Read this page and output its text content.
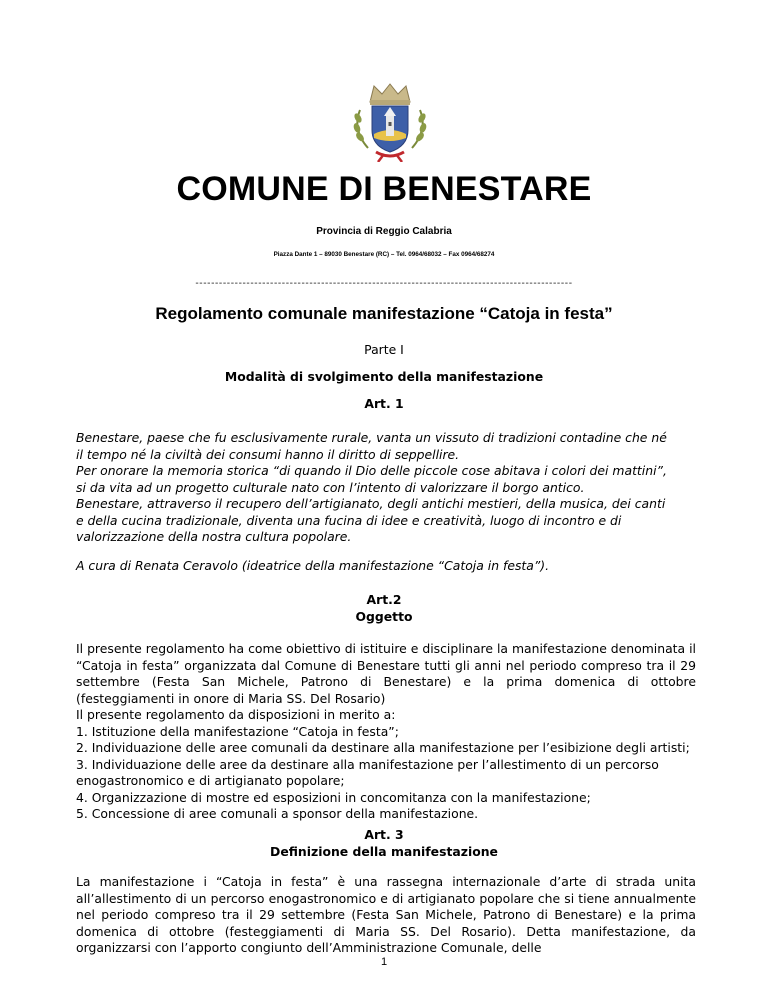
COMUNE DI BENESTARE
Provincia di Reggio Calabria
Piazza Dante 1 – 89030 Benestare (RC) – Tel. 0964/68032 – Fax 0964/68274
------------------------------------------------------------------------------------------------
Regolamento comunale manifestazione “Catoja in festa”
Parte I
Modalità di svolgimento della manifestazione
Art. 1

Benestare, paese che fu esclusivamente rurale, vanta un vissuto di tradizioni contadine che né

il tempo né la civiltà dei consumi hanno il diritto di seppellire.

Per onorare la memoria storica “di quando il Dio delle piccole cose abitava i colori dei mattini”,

si da vita ad un progetto culturale nato con l’intento di valorizzare il borgo antico.

Benestare, attraverso il recupero dell’artigianato, degli antichi mestieri, della musica, dei canti

e della cucina tradizionale, diventa una fucina di idee e creatività, luogo di incontro e di

valorizzazione della nostra cultura popolare.

A cura di Renata Ceravolo (ideatrice della manifestazione “Catoja in festa”).
Art.2
Oggetto

Il presente regolamento ha come obiettivo di istituire e disciplinare la manifestazione denominata il “Catoja in festa” organizzata dal Comune di Benestare tutti gli anni nel periodo compreso tra il 29 settembre (Festa San Michele, Patrono di Benestare) e la prima domenica di ottobre (festeggiamenti in onore di Maria SS. Del Rosario)

Il presente regolamento da disposizioni in merito a:

1. Istituzione della manifestazione “Catoja in festa”;

2. Individuazione delle aree comunali da destinare alla manifestazione per l’esibizione degli artisti;

3. Individuazione delle aree da destinare alla manifestazione per l’allestimento di un percorso enogastronomico e di artigianato popolare;

4. Organizzazione di mostre ed esposizioni in concomitanza con la manifestazione;

5. Concessione di aree comunali a sponsor della manifestazione.

Art. 3
Definizione della manifestazione
La manifestazione i “Catoja in festa” è una rassegna internazionale d’arte di strada unita all’allestimento di un percorso enogastronomico e di artigianato popolare che si tiene annualmente nel periodo compreso tra il 29 settembre (Festa San Michele, Patrono di Benestare) e la prima domenica di ottobre (festeggiamenti di Maria SS. Del Rosario). Detta manifestazione, da organizzarsi con l’apporto congiunto dell’Amministrazione Comunale, delle
1
